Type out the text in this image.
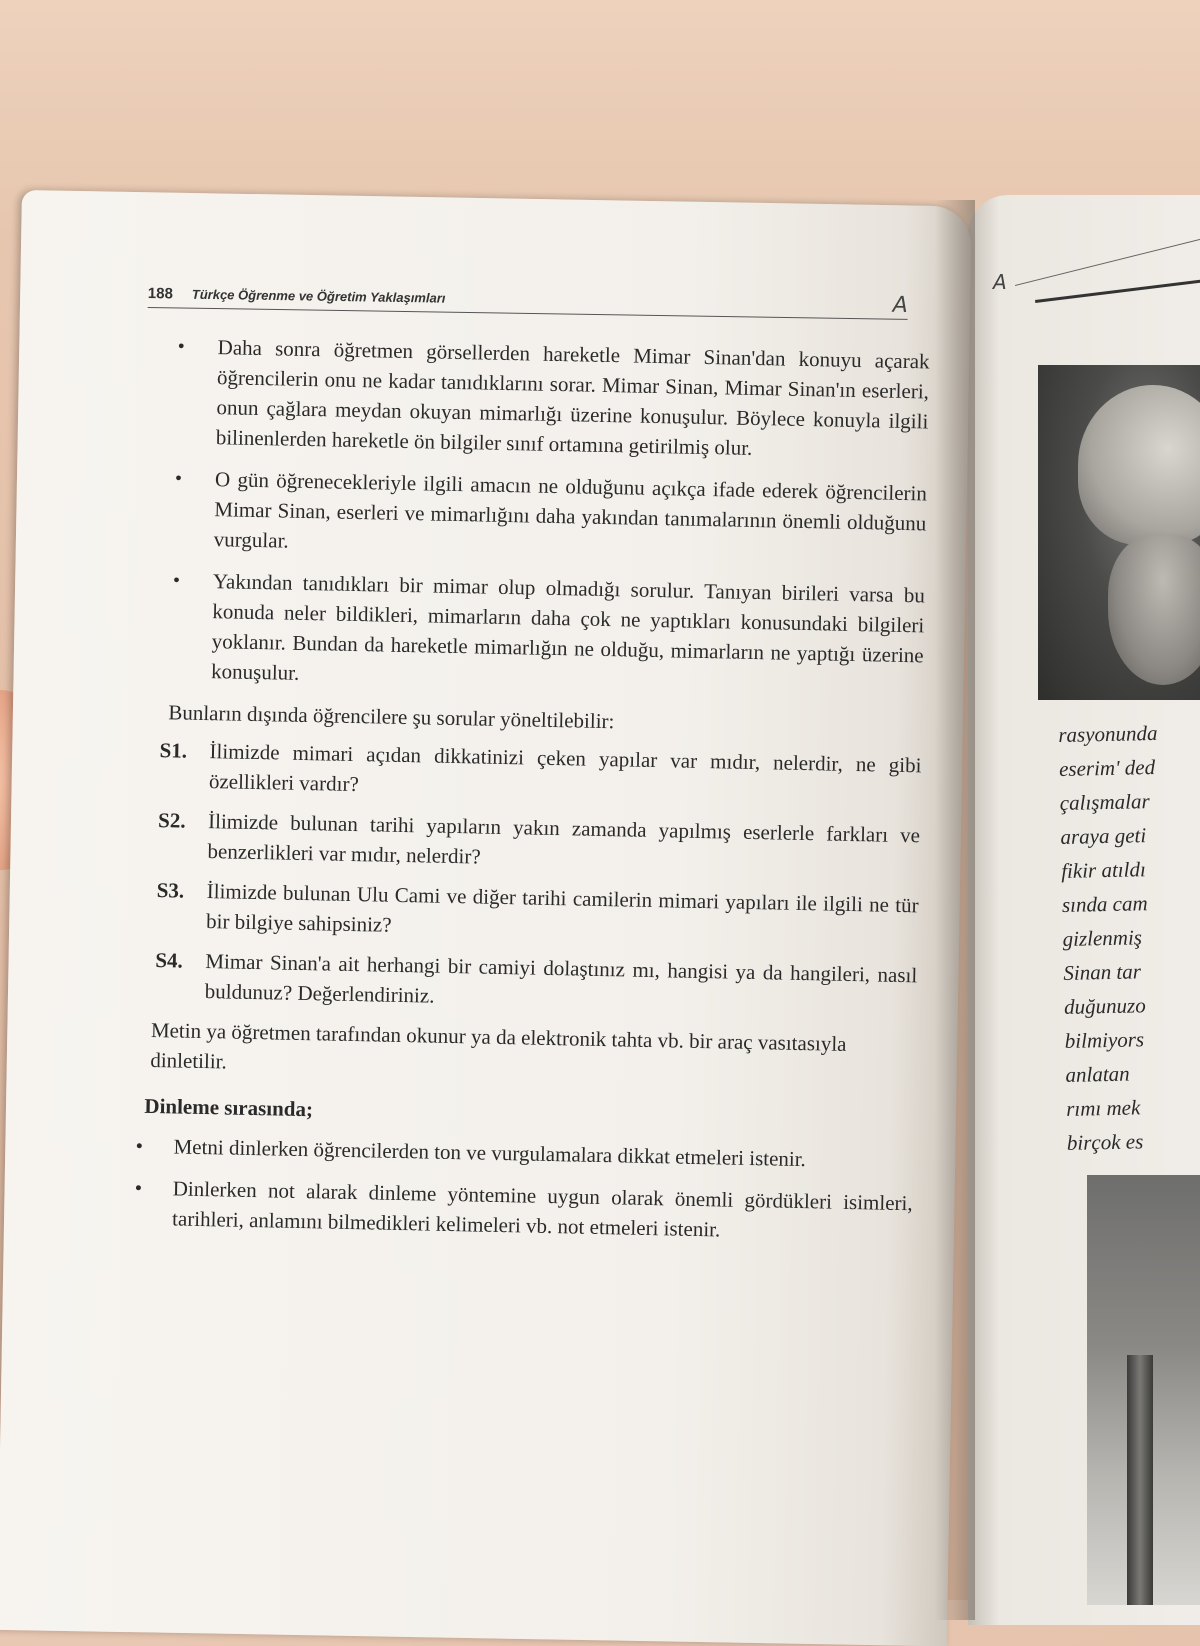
188 Türkçe Öğrenme ve Öğretim Yaklaşımları	A
• Daha sonra öğretmen görsellerden hareketle Mimar Sinan'dan konuyu açarak öğrencilerin onu ne kadar tanıdıklarını sorar. Mimar Sinan, Mimar Sinan'ın eserleri, onun çağlara meydan okuyan mimarlığı üzerine konuşulur. Böylece konuyla ilgili bilinenlerden hareketle ön bilgiler sınıf ortamına getirilmiş olur.
• O gün öğrenecekleriyle ilgili amacın ne olduğunu açıkça ifade ederek öğrencilerin Mimar Sinan, eserleri ve mimarlığını daha yakından tanımalarının önemli olduğunu vurgular.
• Yakından tanıdıkları bir mimar olup olmadığı sorulur. Tanıyan birileri varsa bu konuda neler bildikleri, mimarların daha çok ne yaptıkları konusundaki bilgileri yoklanır. Bundan da hareketle mimarlığın ne olduğu, mimarların ne yaptığı üzerine konuşulur.
Bunların dışında öğrencilere şu sorular yöneltilebilir:
S1. İlimizde mimari açıdan dikkatinizi çeken yapılar var mıdır, nelerdir, ne gibi özellikleri vardır?
S2. İlimizde bulunan tarihi yapıların yakın zamanda yapılmış eserlerle farkları ve benzerlikleri var mıdır, nelerdir?
S3. İlimizde bulunan Ulu Cami ve diğer tarihi camilerin mimari yapıları ile ilgili ne tür bir bilgiye sahipsiniz?
S4. Mimar Sinan'a ait herhangi bir camiyi dolaştınız mı, hangisi ya da hangileri, nasıl buldunuz? Değerlendiriniz.
Metin ya öğretmen tarafından okunur ya da elektronik tahta vb. bir araç vasıtasıyla dinletilir.
Dinleme sırasında;
• Metni dinlerken öğrencilerden ton ve vurgulamalara dikkat etmeleri istenir.
• Dinlerken not alarak dinleme yöntemine uygun olarak önemli gördükleri isimleri, tarihleri, anlamını bilmedikleri kelimeleri vb. not etmeleri istenir.
A
rasyonunda
eserim' ded
çalışmalar
araya geti
fikir atıldı
sında cam
gizlenmiş
Sinan tar
duğunuzo
bilmiyors
anlatan
rımı mek
birçok es
